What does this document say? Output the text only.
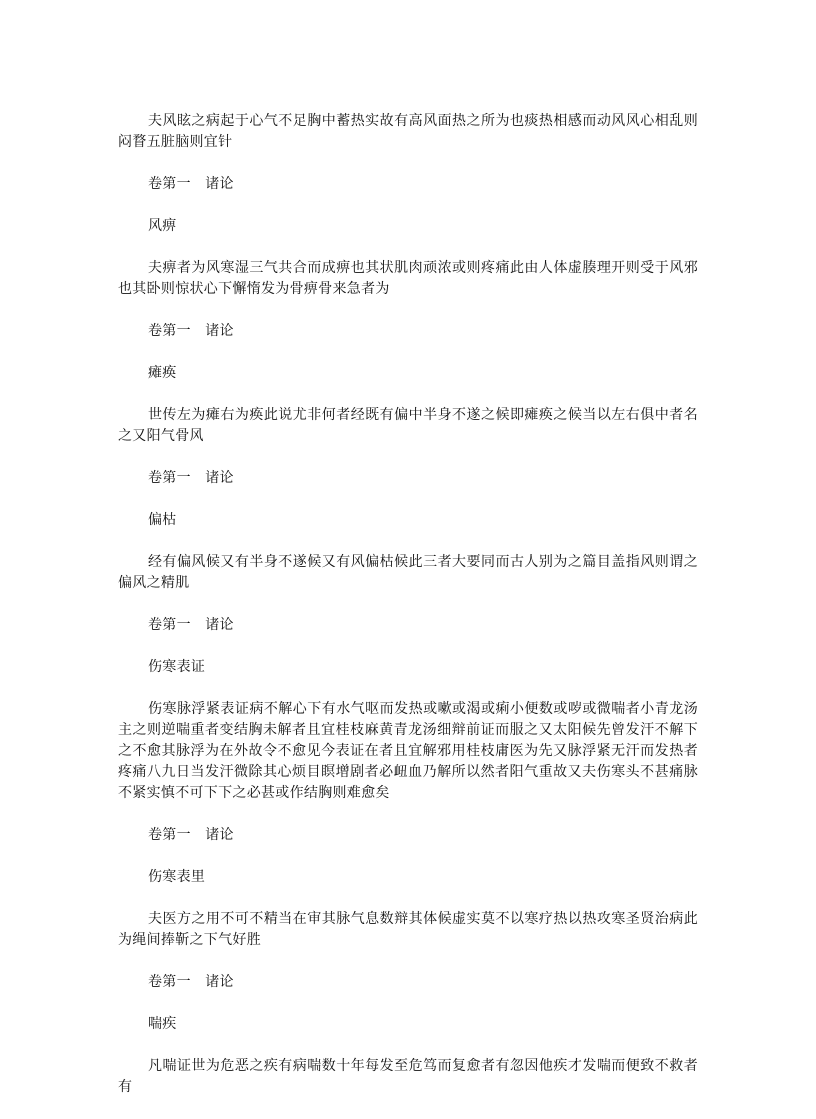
夫风眩之病起于心气不足胸中蓄热实故有高风面热之所为也痰热相感而动风风心相乱则闷瞀五脏脑则宜针

卷第一　诸论

风痹

夫痹者为风寒湿三气共合而成痹也其状肌肉顽浓或则疼痛此由人体虚腠理开则受于风邪也其卧则惊状心下懈惰发为骨痹骨来急者为

卷第一　诸论

瘫痪

世传左为瘫右为痪此说尤非何者经既有偏中半身不遂之候即瘫痪之候当以左右俱中者名之又阳气骨风

卷第一　诸论

偏枯

经有偏风候又有半身不遂候又有风偏枯候此三者大要同而古人别为之篇目盖指风则谓之偏风之精肌

卷第一　诸论

伤寒表证

伤寒脉浮紧表证病不解心下有水气呕而发热或嗽或渴或痢小便数或哕或微喘者小青龙汤主之则逆喘重者变结胸未解者且宜桂枝麻黄青龙汤细辩前证而服之又太阳候先曾发汗不解下之不愈其脉浮为在外故令不愈见今表证在者且宜解邪用桂枝庸医为先又脉浮紧无汗而发热者疼痛八九日当发汗微除其心烦目瞑增剧者必衄血乃解所以然者阳气重故又夫伤寒头不甚痛脉不紧实慎不可下下之必甚或作结胸则难愈矣

卷第一　诸论

伤寒表里

夫医方之用不可不精当在审其脉气息数辩其体候虚实莫不以寒疗热以热攻寒圣贤治病此为绳间捧靳之下气好胜

卷第一　诸论

喘疾

凡喘证世为危恶之疾有病喘数十年每发至危笃而复愈者有忽因他疾才发喘而便致不救者有
